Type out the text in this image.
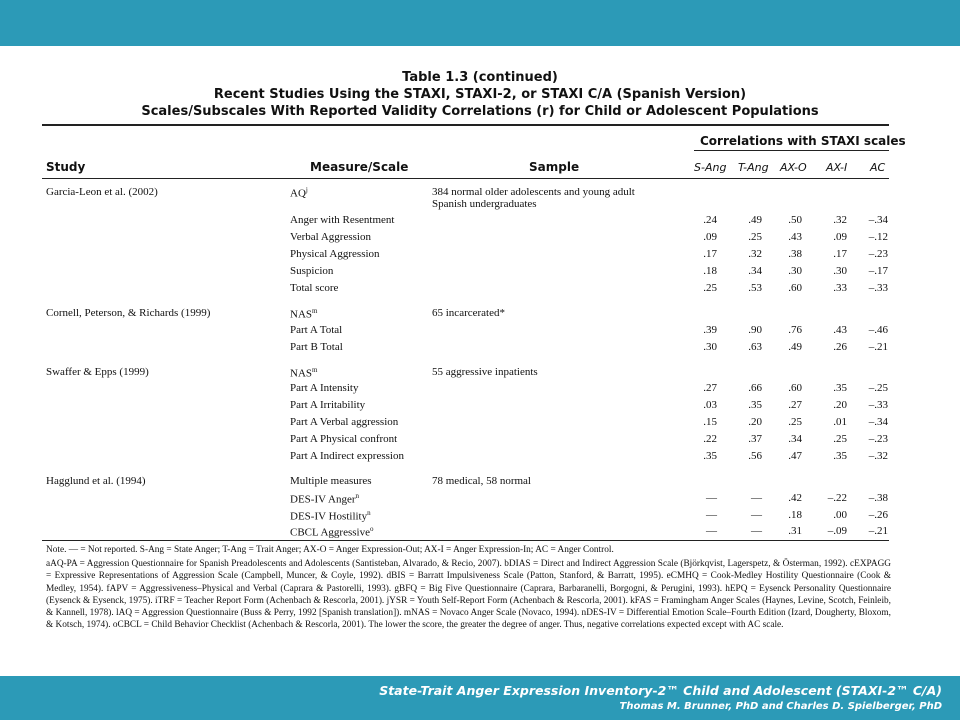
Table 1.3 (continued)
Recent Studies Using the STAXI, STAXI-2, or STAXI C/A (Spanish Version)
Scales/Subscales With Reported Validity Correlations (r) for Child or Adolescent Populations
Correlations with STAXI scales
Study	Measure/Scale	Sample	S-Ang T-Ang AX-O AX-I AC
Garcia-Leon et al. (2002)	$AQ^j$	384 normal older adolescents and young adult
Spanish undergraduates
Anger with Resentment	.24	.49	.50	.32	–.34
Verbal Aggression	.09	.25	.43	.09	–.12
Physical Aggression	.17	.32	.38	.17	–.23
Suspicion	.18	.34	.30	.30	–.17
Total score	.25	.53	.60	.33	–.33
Cornell, Peterson, & Richards (1999)	NAS$^m$	65 incarcerated*
Part A Total	.39	.90	.76	.43	–.46
Part B Total	.30	.63	.49	.26	–.21
Swaffer & Epps (1999)	NAS$^m$	55 aggressive inpatients
Part A Intensity	.27	.66	.60	.35	–.25
Part A Irritability	.03	.35	.27	.20	–.33
Part A Verbal aggression	.15	.20	.25	.01	–.34
Part A Physical confront	.22	.37	.34	.25	–.23
Part A Indirect expression	.35	.56	.47	.35	–.32
Hagglund et al. (1994)	Multiple measures	78 medical, 58 normal
DES-IV Anger$^n$	—	—	.42	–.22	–.38
DES-IV Hostility$^n$	—	—	.18	.00	–.26
CBCL Aggressive$^o$	—	—	.31	–.09	–.21

Note. — = Not reported. S-Ang = State Anger; T-Ang = Trait Anger; AX-O = Anger Expression-Out; AX-I = Anger Expression-In; AC = Anger Control.

aAQ-PA = Aggression Questionnaire for Spanish Preadolescents and Adolescents (Santisteban, Alvarado, & Recio, 2007). bDIAS = Direct and Indirect Aggression Scale (Björkqvist, Lagerspetz, & Österman, 1992). cEXPAGG = Expressive Representations of Aggression Scale (Campbell, Muncer, & Coyle, 1992). dBIS = Barratt Impulsiveness Scale (Patton, Stanford, & Barratt, 1995). eCMHQ = Cook-Medley Hostility Questionnaire (Cook & Medley, 1954). fAPV = Aggressiveness–Physical and Verbal (Caprara & Pastorelli, 1993). gBFQ = Big Five Questionnaire (Caprara, Barbaranelli, Borgogni, & Perugini, 1993). hEPQ = Eysenck Personality Questionnaire (Eysenck & Eysenck, 1975). iTRF = Teacher Report Form (Achenbach & Rescorla, 2001). jYSR = Youth Self-Report Form (Achenbach & Rescorla, 2001). kFAS = Framingham Anger Scales (Haynes, Levine, Scotch, Feinleib, & Kannell, 1978). lAQ = Aggression Questionnaire (Buss & Perry, 1992 [Spanish translation]). mNAS = Novaco Anger Scale (Novaco, 1994). nDES-IV = Differential Emotion Scale–Fourth Edition (Izard, Dougherty, Bloxom, & Kotsch, 1974). oCBCL = Child Behavior Checklist (Achenbach & Rescorla, 2001). The lower the score, the greater the degree of anger. Thus, negative correlations expected except with AC scale.

State-Trait Anger Expression Inventory-2™ Child and Adolescent (STAXI-2™ C/A)
Thomas M. Brunner, PhD and Charles D. Spielberger, PhD
